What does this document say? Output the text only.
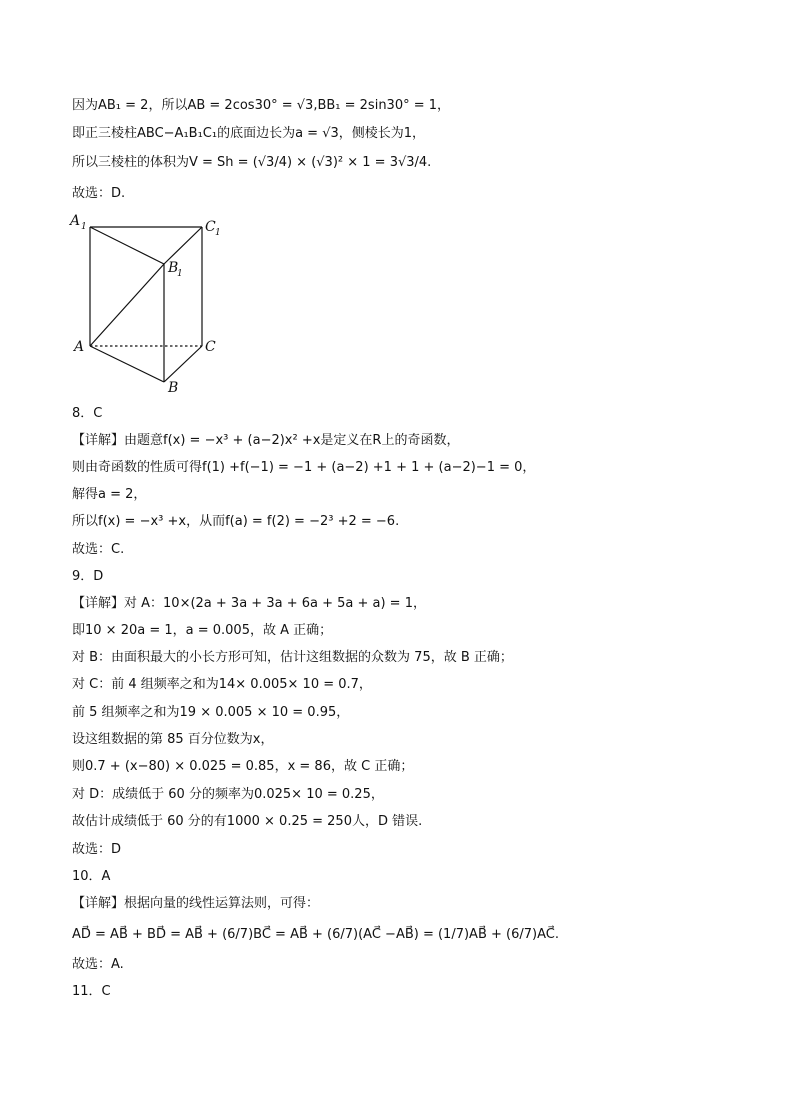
因为AB₁ = 2，所以AB = 2cos30° = √3,BB₁ = 2sin30° = 1，
即正三棱柱ABC−A₁B₁C₁的底面边长为a = √3，侧棱长为1，
所以三棱柱的体积为V = Sh = (√3/4) × (√3)² × 1 = 3√3/4.
故选：D.
A 1	C 1
B
1
A	C
B
8．C
【详解】由题意f(x) = −x³ + (a−2)x² +x是定义在R上的奇函数，
则由奇函数的性质可得f(1) +f(−1) = −1 + (a−2) +1 + 1 + (a−2)−1 = 0，
解得a = 2，
所以f(x) = −x³ +x，从而f(a) = f(2) = −2³ +2 = −6.
故选：C.
9．D
【详解】对 A：10×(2a + 3a + 3a + 6a + 5a + a) = 1，
即10 × 20a = 1，a = 0.005，故 A 正确；
对 B：由面积最大的小长方形可知，估计这组数据的众数为 75，故 B 正确；
对 C：前 4 组频率之和为14× 0.005× 10 = 0.7，
前 5 组频率之和为19 × 0.005 × 10 = 0.95，
设这组数据的第 85 百分位数为x，
则0.7 + (x−80) × 0.025 = 0.85，x = 86，故 C 正确；
对 D：成绩低于 60 分的频率为0.025× 10 = 0.25，
故估计成绩低于 60 分的有1000 × 0.25 = 250人，D 错误.
故选：D
10．A
【详解】根据向量的线性运算法则，可得：
AD⃗ = AB⃗ + BD⃗ = AB⃗ + (6/7)BC⃗ = AB⃗ + (6/7)(AC⃗ −AB⃗) = (1/7)AB⃗ + (6/7)AC⃗.
故选：A.
11．C
